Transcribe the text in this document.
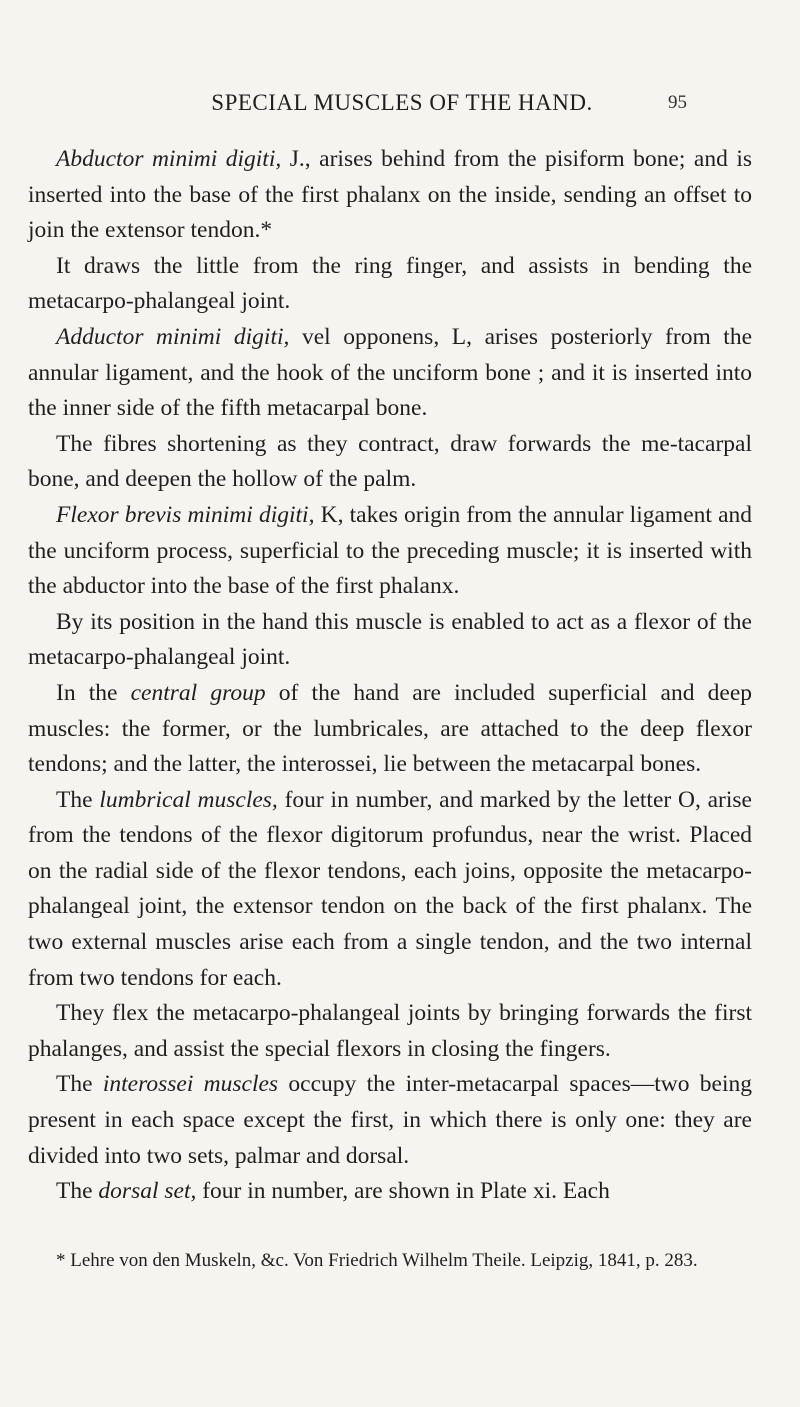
SPECIAL MUSCLES OF THE HAND.	95

Abductor minimi digiti, J., arises behind from the pisiform bone; and is inserted into the base of the first phalanx on the inside, sending an offset to join the extensor tendon.*

It draws the little from the ring finger, and assists in bending the metacarpo-phalangeal joint.

Adductor minimi digiti, vel opponens, L, arises posteriorly from the annular ligament, and the hook of the unciform bone ; and it is inserted into the inner side of the fifth metacarpal bone.

The fibres shortening as they contract, draw forwards the me-tacarpal bone, and deepen the hollow of the palm.

Flexor brevis minimi digiti, K, takes origin from the annular ligament and the unciform process, superficial to the preceding muscle; it is inserted with the abductor into the base of the first phalanx.

By its position in the hand this muscle is enabled to act as a flexor of the metacarpo-phalangeal joint.

In the central group of the hand are included superficial and deep muscles: the former, or the lumbricales, are attached to the deep flexor tendons; and the latter, the interossei, lie between the metacarpal bones.

The lumbrical muscles, four in number, and marked by the letter O, arise from the tendons of the flexor digitorum profundus, near the wrist. Placed on the radial side of the flexor tendons, each joins, opposite the metacarpo-phalangeal joint, the extensor tendon on the back of the first phalanx. The two external muscles arise each from a single tendon, and the two internal from two tendons for each.

They flex the metacarpo-phalangeal joints by bringing forwards the first phalanges, and assist the special flexors in closing the fingers.

The interossei muscles occupy the inter-metacarpal spaces—two being present in each space except the first, in which there is only one: they are divided into two sets, palmar and dorsal.

The dorsal set, four in number, are shown in Plate xi. Each

* Lehre von den Muskeln, &c. Von Friedrich Wilhelm Theile. Leipzig, 1841, p. 283.
